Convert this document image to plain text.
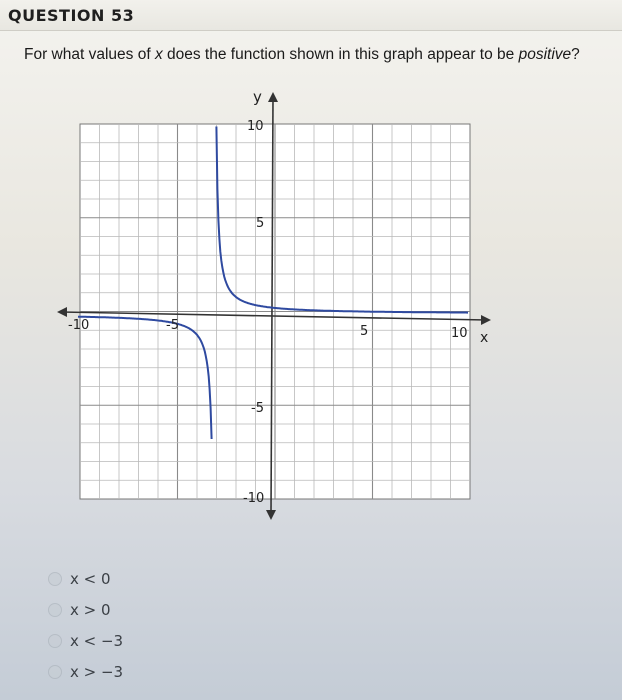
QUESTION 53
For what values of x does the function shown in this graph appear to be positive?
y
x
10
5
-5
-10
-10	-5	5	10
x < 0
x > 0
x < −3
x > −3
